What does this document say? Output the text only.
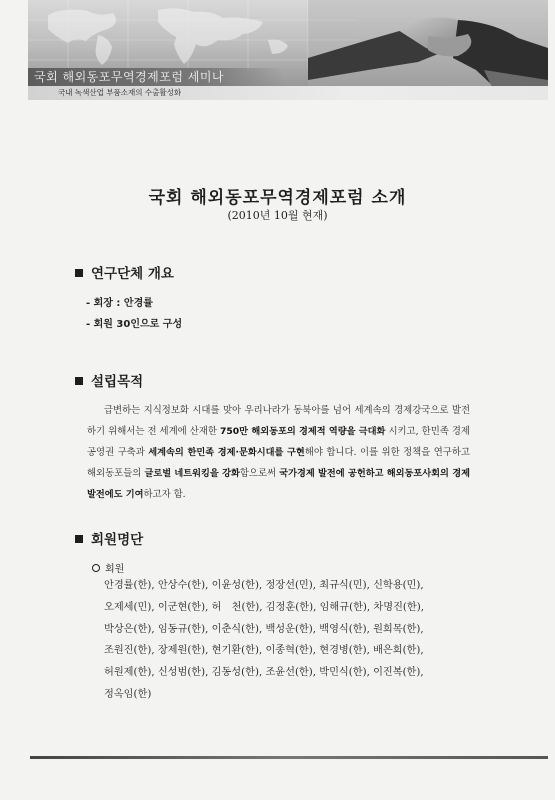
국회 해외동포무역경제포럼 세미나
국내 녹색산업 부품소재의 수출활성화
국회 해외동포무역경제포럼 소개
(2010년 10월 현재)
연구단체 개요
- 회장 : 안경률
- 회원 30인으로 구성
설립목적
급변하는 지식정보화 시대를 맞아 우리나라가 동북아를 넘어 세계속의 경제강국으로 발전하기 위해서는 전 세계에 산재한 750만 해외동포의 경제적 역량을 극대화 시키고, 한민족 경제공영권 구축과 세계속의 한민족 경제·문화시대를 구현해야 합니다. 이를 위한 정책을 연구하고 해외동포들의 글로벌 네트워킹을 강화함으로써 국가경제 발전에 공헌하고 해외동포사회의 경제발전에도 기여하고자 함.
회원명단
회원
안경률(한), 안상수(한), 이윤성(한), 정장선(민), 최규식(민), 신학용(민),
오제세(민), 이군현(한), 허　천(한), 김정훈(한), 임해규(한), 차명진(한),
박상은(한), 임동규(한), 이춘식(한), 백성운(한), 백영식(한), 원희목(한),
조원진(한), 장제원(한), 현기환(한), 이종혁(한), 현경병(한), 배은희(한),
허원제(한), 신성범(한), 김동성(한), 조윤선(한), 박민식(한), 이진복(한),
정옥임(한)
